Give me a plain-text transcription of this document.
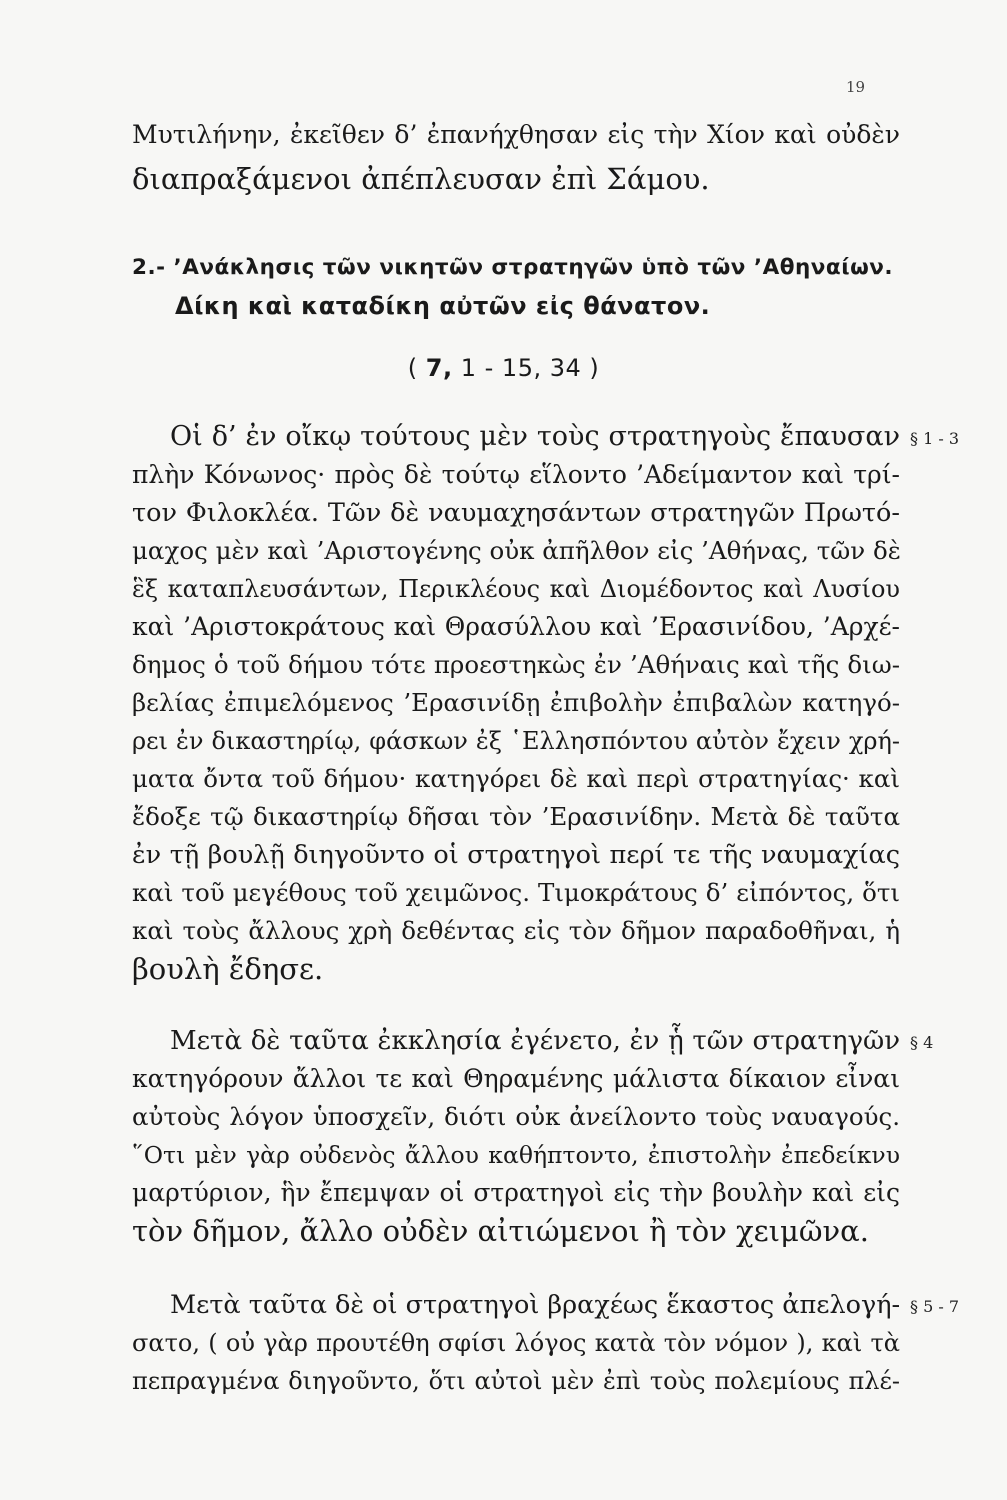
19
Μυτιλήνην, ἐκεῖθεν δ’ ἐπανήχθησαν εἰς τὴν Χίον καὶ οὐδὲν
διαπραξάμενοι ἀπέπλευσαν ἐπὶ Σάμου.
2.- ’Ανάκλησις τῶν νικητῶν στρατηγῶν ὑπὸ τῶν ’Αθηναίων.
Δίκη καὶ καταδίκη αὐτῶν εἰς θάνατον.
( 7, 1 - 15, 34 )
Οἱ δ’ ἐν οἴκῳ τούτους μὲν τοὺς στρατηγοὺς ἔπαυσαν § 1 - 3
πλὴν Κόνωνος· πρὸς δὲ τούτῳ εἵλοντο ’Αδείμαντον καὶ τρί-
τον Φιλοκλέα. Τῶν δὲ ναυμαχησάντων στρατηγῶν Πρωτό-
μαχος μὲν καὶ ’Αριστογένης οὐκ ἀπῆλθον εἰς ’Αθήνας, τῶν δὲ
ἓξ καταπλευσάντων, Περικλέους καὶ Διομέδοντος καὶ Λυσίου
καὶ ’Αριστοκράτους καὶ Θρασύλλου καὶ ’Ερασινίδου, ’Αρχέ-
δημος ὁ τοῦ δήμου τότε προεστηκὼς ἐν ’Αθήναις καὶ τῆς διω-
βελίας ἐπιμελόμενος ’Ερασινίδῃ ἐπιβολὴν ἐπιβαλὼν κατηγό-
ρει ἐν δικαστηρίῳ, φάσκων ἐξ ῾Ελλησπόντου αὐτὸν ἔχειν χρή-
ματα ὄντα τοῦ δήμου· κατηγόρει δὲ καὶ περὶ στρατηγίας· καὶ
ἔδοξε τῷ δικαστηρίῳ δῆσαι τὸν ’Ερασινίδην. Μετὰ δὲ ταῦτα
ἐν τῇ βουλῇ διηγοῦντο οἱ στρατηγοὶ περί τε τῆς ναυμαχίας
καὶ τοῦ μεγέθους τοῦ χειμῶνος. Τιμοκράτους δ’ εἰπόντος, ὅτι
καὶ τοὺς ἄλλους χρὴ δεθέντας εἰς τὸν δῆμον παραδοθῆναι, ἡ
βουλὴ ἔδησε.
Μετὰ δὲ ταῦτα ἐκκλησία ἐγένετο, ἐν ᾗ τῶν στρατηγῶν § 4
κατηγόρουν ἄλλοι τε καὶ Θηραμένης μάλιστα δίκαιον εἶναι
αὐτοὺς λόγον ὑποσχεῖν, διότι οὐκ ἀνείλοντο τοὺς ναυαγούς.
῞Οτι μὲν γὰρ οὐδενὸς ἄλλου καθήπτοντο, ἐπιστολὴν ἐπεδείκνυ
μαρτύριον, ἣν ἔπεμψαν οἱ στρατηγοὶ εἰς τὴν βουλὴν καὶ εἰς
τὸν δῆμον, ἄλλο οὐδὲν αἰτιώμενοι ἢ τὸν χειμῶνα.
Μετὰ ταῦτα δὲ οἱ στρατηγοὶ βραχέως ἕκαστος ἀπελογή- § 5 - 7
σατο, ( οὐ γὰρ προυτέθη σφίσι λόγος κατὰ τὸν νόμον ), καὶ τὰ
πεπραγμένα διηγοῦντο, ὅτι αὐτοὶ μὲν ἐπὶ τοὺς πολεμίους πλέ-
